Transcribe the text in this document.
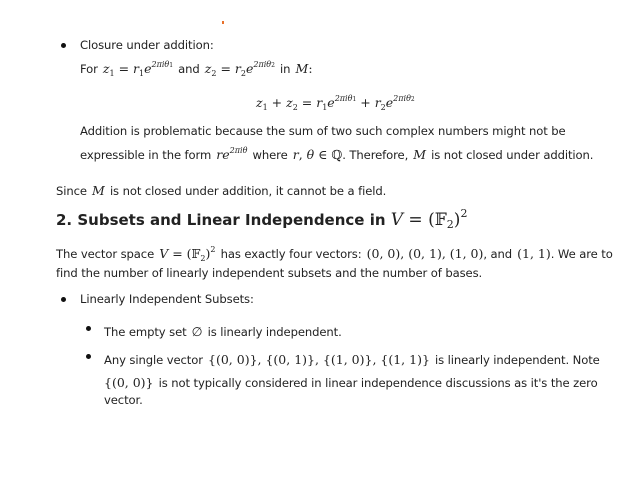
Closure under addition:
For $z_1 = r_1e^{2\pi i\theta 1}$ and $z_2 = r_2e^{2\pi i\theta 2}$ in M:
$z_1 + z_2 = r_1e^{2\pi i\theta 1} + r_2e^{2\pi i\theta 2}$
Addition is problematic because the sum of two such complex numbers might not be
expressible in the form $re^{2\pi i\theta}$ where r, θ ∈ ℚ. Therefore, M is not closed under addition.
Since M is not closed under addition, it cannot be a field.
2. Subsets and Linear Independence in V = (𝔽2)$^2$
The vector space V = (𝔽$_2$)$^2$ has exactly four vectors: (0, 0), (0, 1), (1, 0), and (1, 1). We are to
find the number of linearly independent subsets and the number of bases.
Linearly Independent Subsets:
The empty set ∅ is linearly independent.
Any single vector {(0, 0)}, {(0, 1)}, {(1, 0)}, {(1, 1)} is linearly independent. Note
{(0, 0)} is not typically considered in linear independence discussions as it's the zero
vector.
